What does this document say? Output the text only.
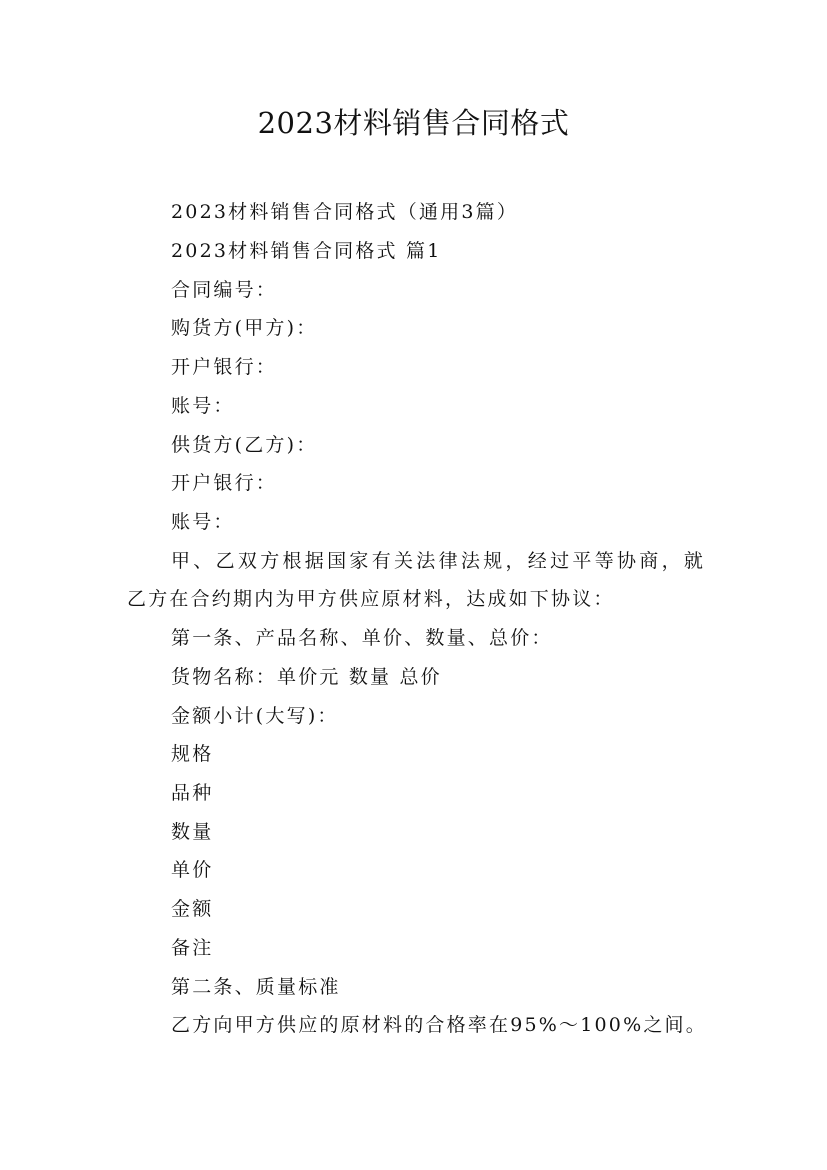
2023材料销售合同格式
2023材料销售合同格式（通用3篇）
2023材料销售合同格式 篇1
合同编号：
购货方(甲方)：
开户银行：
账号：
供货方(乙方)：
开户银行：
账号：
甲、乙双方根据国家有关法律法规，经过平等协商，就
乙方在合约期内为甲方供应原材料，达成如下协议：
第一条、产品名称、单价、数量、总价：
货物名称：单价元 数量 总价
金额小计(大写)：
规格
品种
数量
单价
金额
备注
第二条、质量标准
乙方向甲方供应的原材料的合格率在95%～100%之间。
